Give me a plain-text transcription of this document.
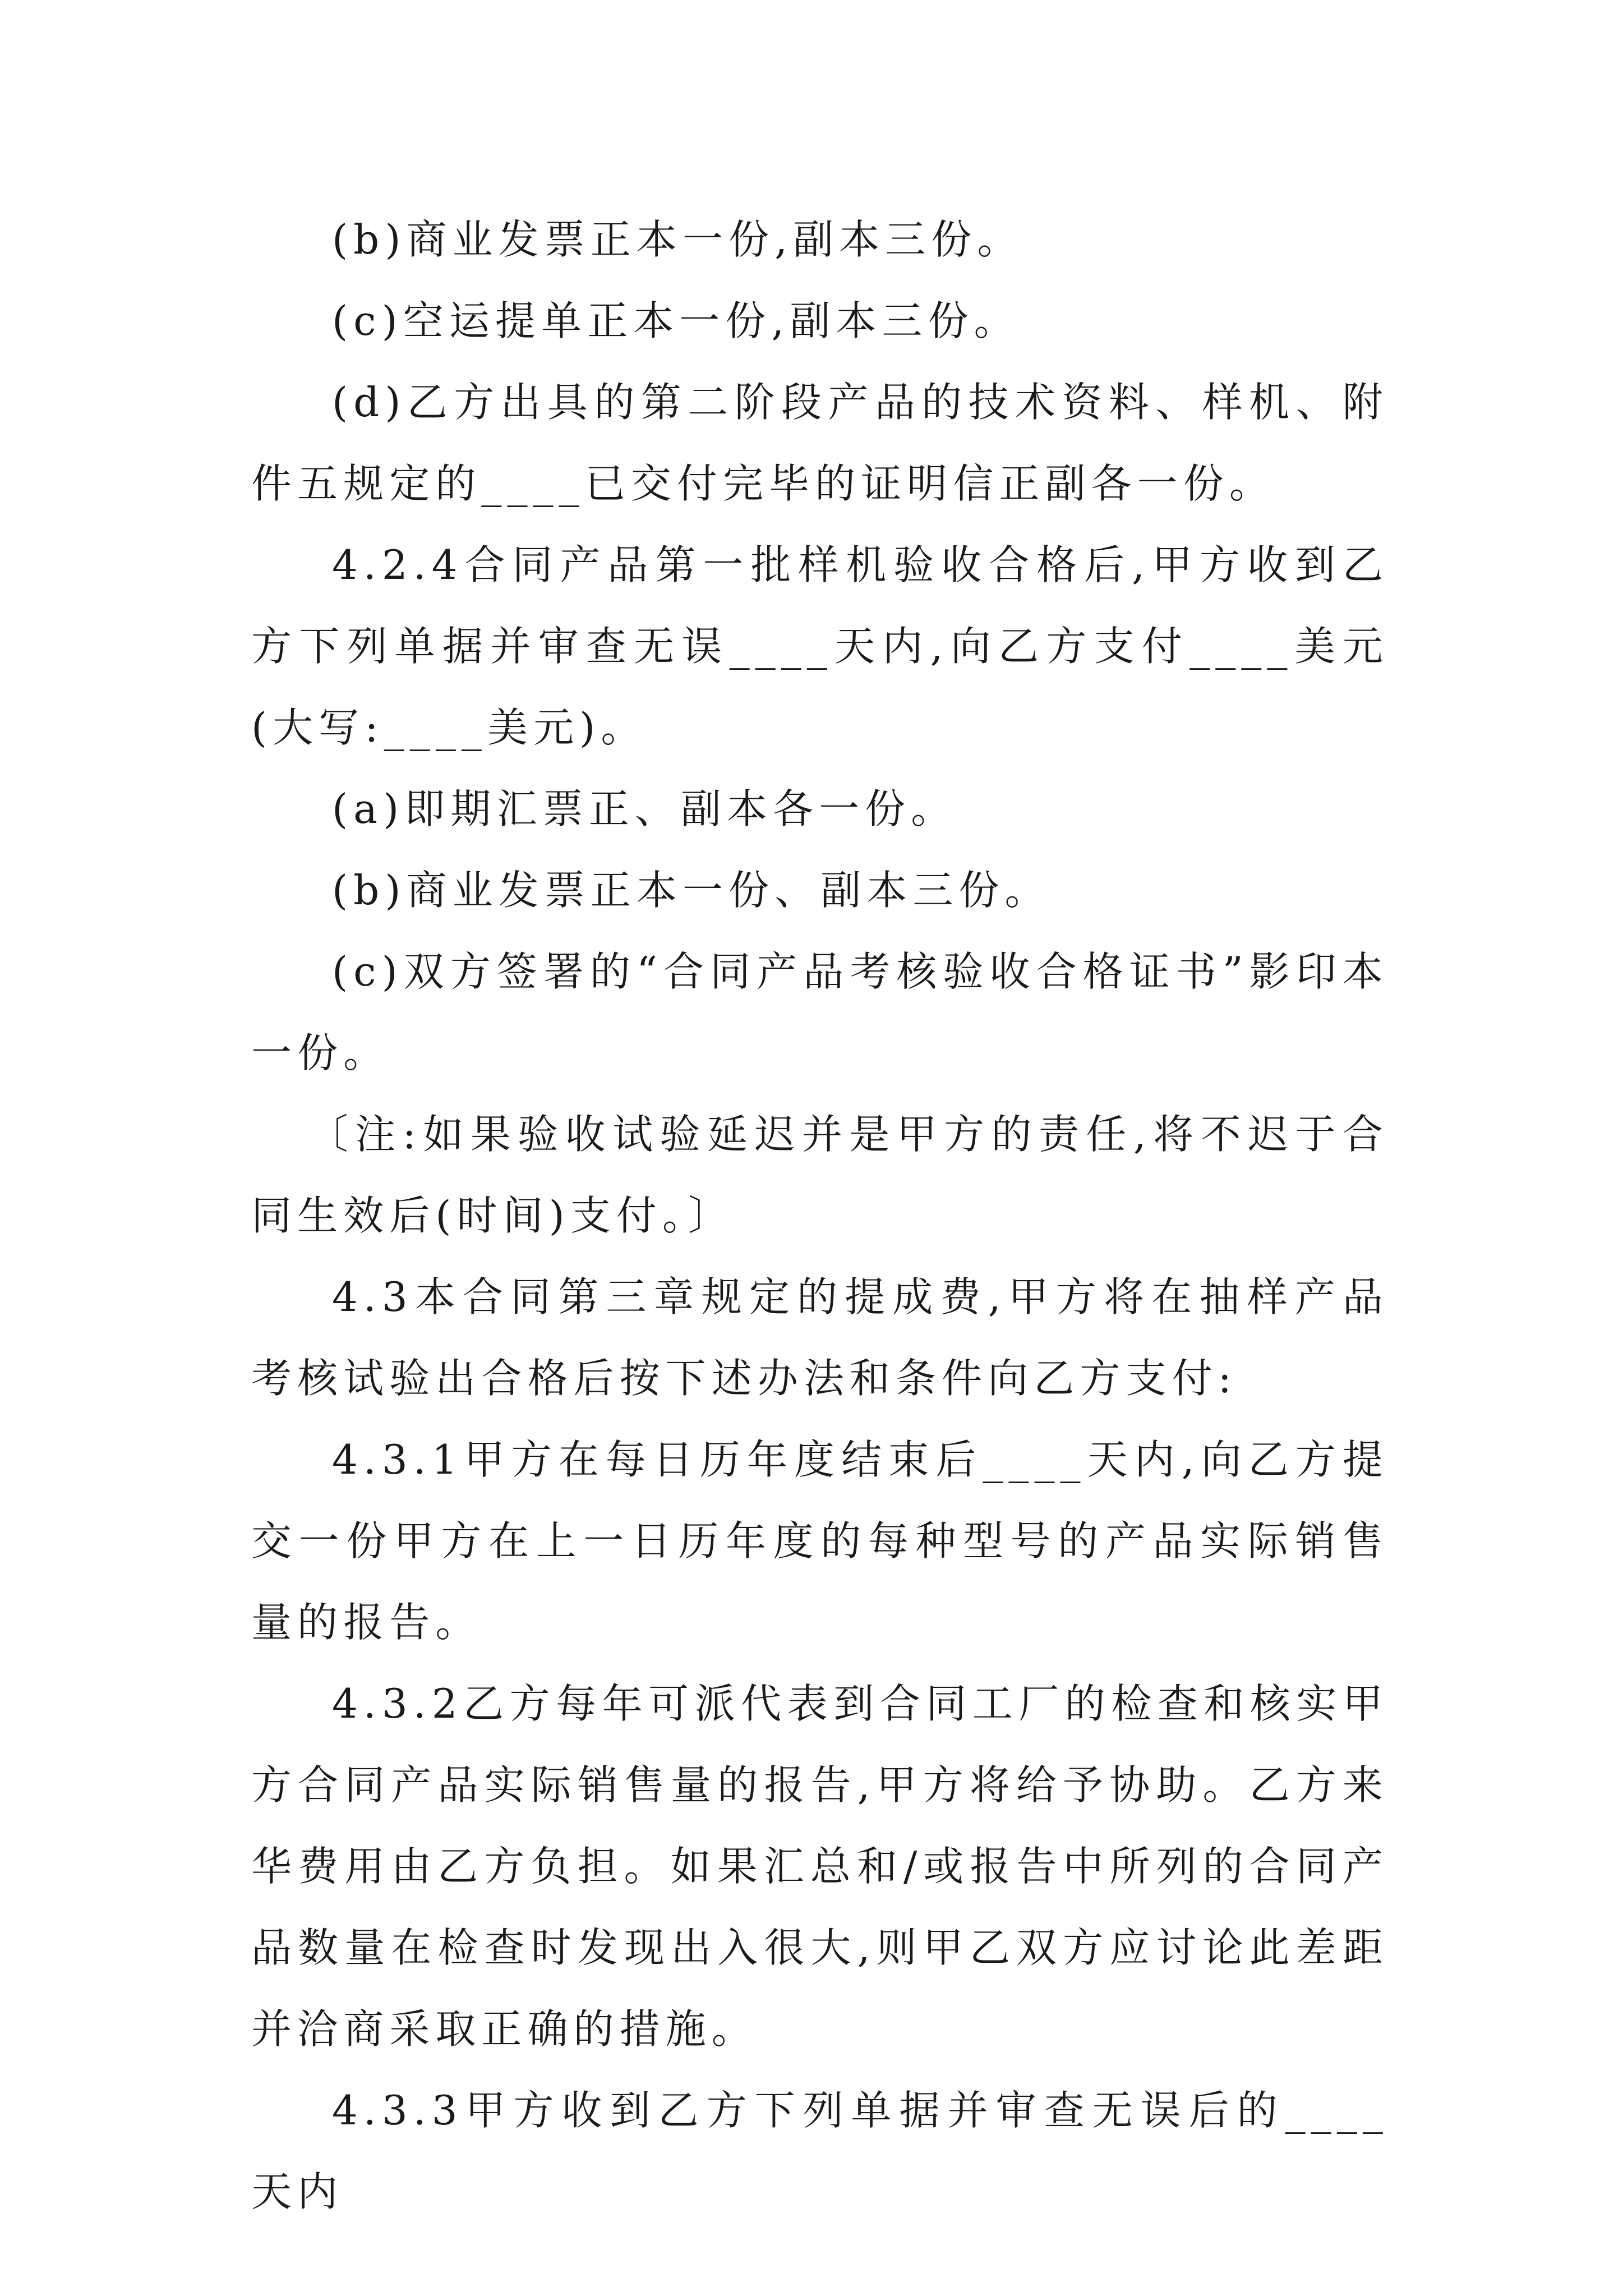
(b)商业发票正本一份,副本三份。

(c)空运提单正本一份,副本三份。

(d)乙方出具的第二阶段产品的技术资料、样机、附件五规定的____已交付完毕的证明信正副各一份。

4.2.4合同产品第一批样机验收合格后,甲方收到乙方下列单据并审查无误____天内,向乙方支付____美元(大写:____美元)。

(a)即期汇票正、副本各一份。

(b)商业发票正本一份、副本三份。

(c)双方签署的“合同产品考核验收合格证书”影印本一份。

〔注:如果验收试验延迟并是甲方的责任,将不迟于合同生效后(时间)支付。〕

4.3本合同第三章规定的提成费,甲方将在抽样产品考核试验出合格后按下述办法和条件向乙方支付:

4.3.1甲方在每日历年度结束后____天内,向乙方提交一份甲方在上一日历年度的每种型号的产品实际销售量的报告。

4.3.2乙方每年可派代表到合同工厂的检查和核实甲方合同产品实际销售量的报告,甲方将给予协助。乙方来华费用由乙方负担。如果汇总和/或报告中所列的合同产品数量在检查时发现出入很大,则甲乙双方应讨论此差距并洽商采取正确的措施。

4.3.3甲方收到乙方下列单据并审查无误后的____天内
